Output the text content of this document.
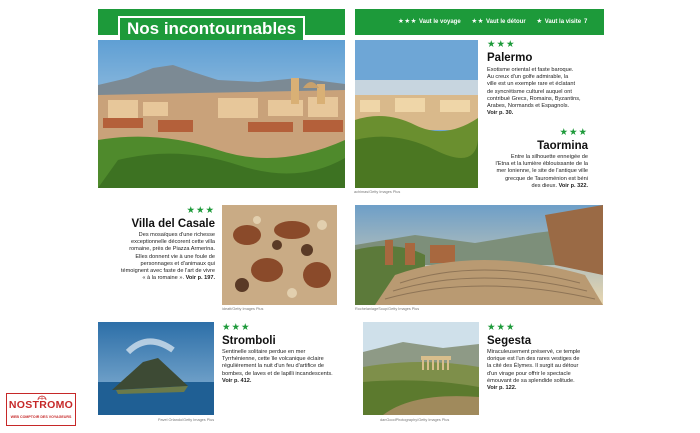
Nos incontournables	★★★ Vaut le voyage ★★ Vaut le détour ★ Vaut la visite 7
achimas/Getty Images Plus
★★★
Palermo
Exotisme oriental et faste baroque.
Au creux d'un golfe admirable, la
ville est un exemple rare et éclatant
de syncrétisme culturel auquel ont
contribué Grecs, Romains, Byzantins,
Arabes, Normands et Espagnols.
Voir p. 30.
★★★
Taormina
Entre la silhouette enneigée de
l'Etna et la lumière éblouissante de la
mer Ionienne, le site de l'antique ville
grecque de Tauroménion est béni
des dieux. Voir p. 322.
★★★
Villa del Casale
Des mosaïques d'une richesse
exceptionnelle décorent cette villa
romaine, près de Piazza Armerina.
Elles donnent vie à une foule de
personnages et d'animaux qui
témoignent avec faste de l'art de vivre
« à la romaine ». Voir p. 197.
ideatt/Getty Images Plus	RochelaniageSoup/Getty Images Plus
Pavel Orlando/Getty Images Plus
★★★
Stromboli
Sentinelle solitaire perdue en mer
Tyrrhénienne, cette île volcanique éclaire
régulièrement la nuit d'un feu d'artifice de
bombes, de laves et de lapilli incandescents.
Voir p. 412.
danGoodPhotography/Getty Images Plus
★★★
Segesta
Miraculeusement préservé, ce temple
dorique est l'un des rares vestiges de
la cité des Élymes. Il surgit au détour
d'un virage pour offrir le spectacle
émouvant de sa splendide solitude.
Voir p. 122.
NOSTROMO
WEB COMPTOIR DES VOYAGEURS
